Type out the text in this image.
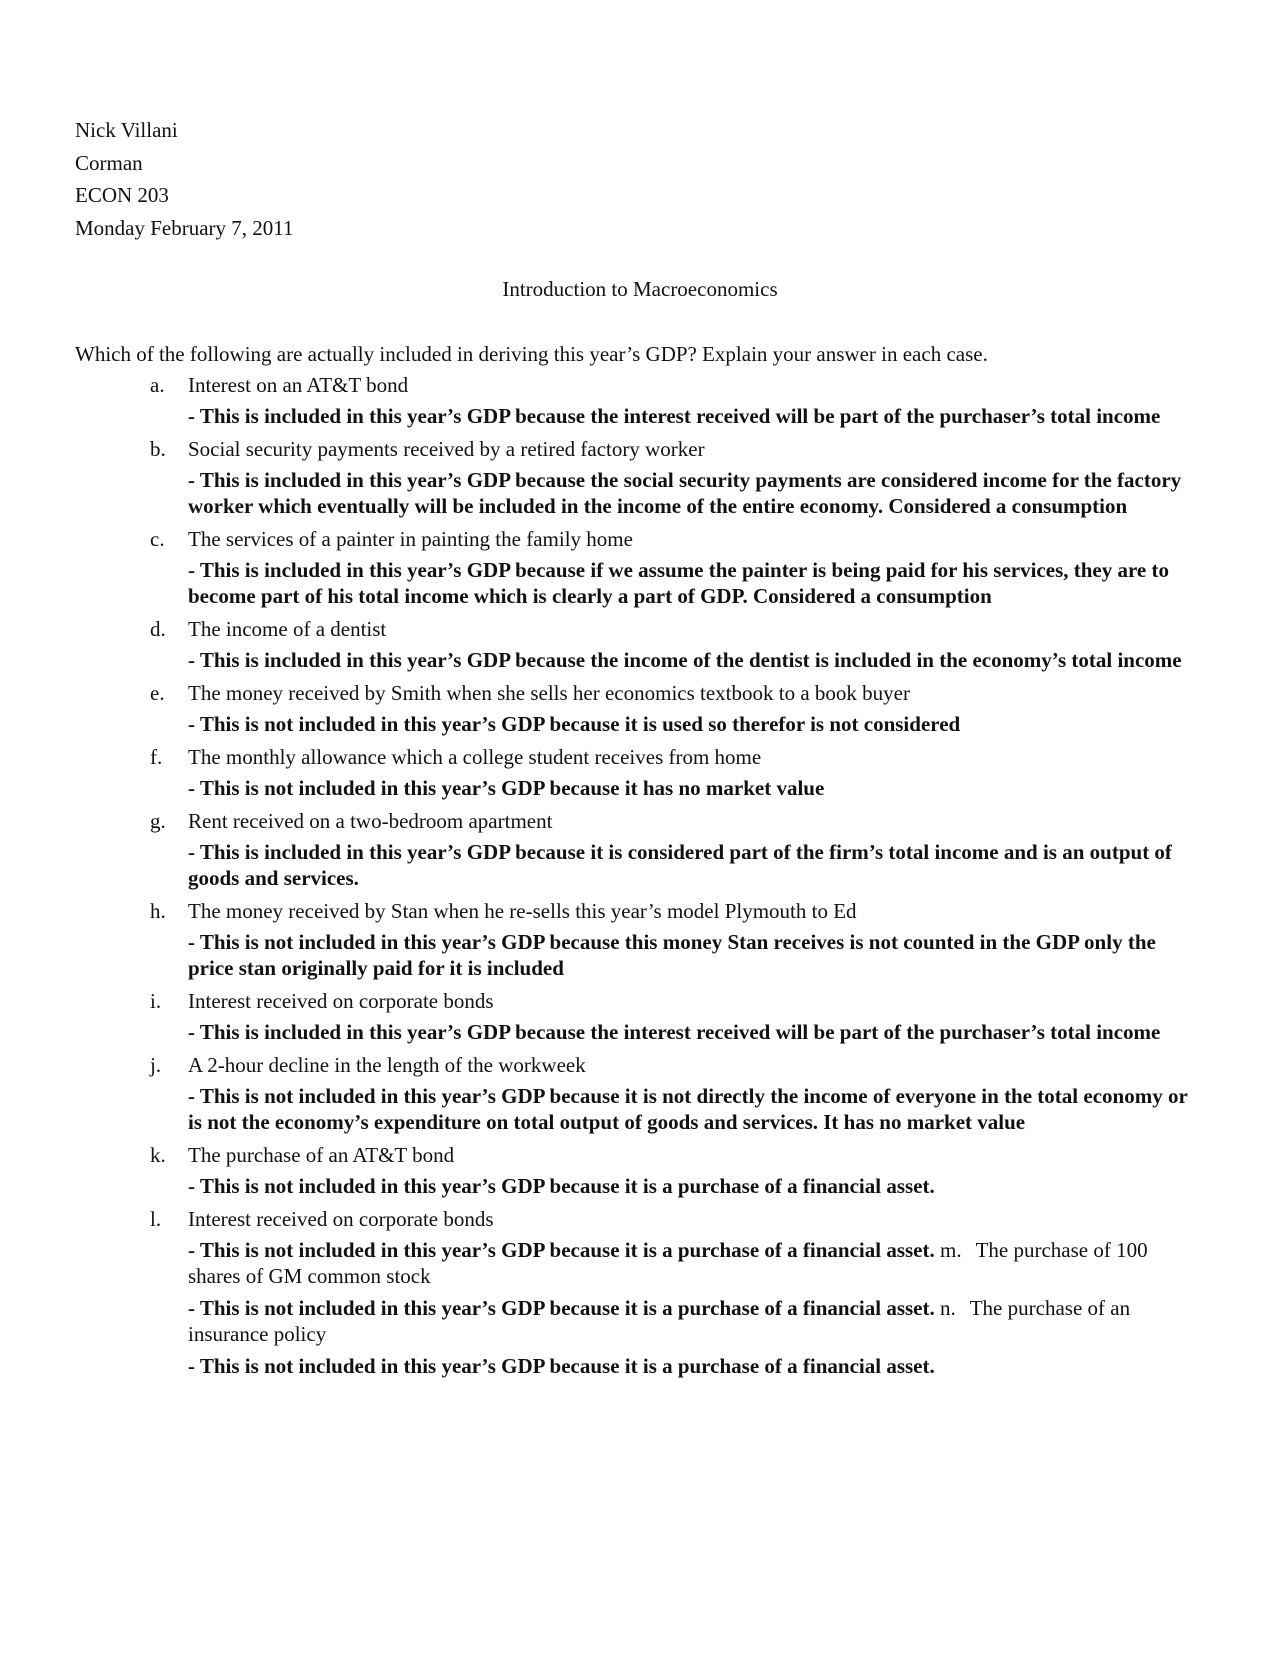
Nick Villani
Corman
ECON 203
Monday February 7, 2011
Introduction to Macroeconomics
Which of the following are actually included in deriving this year’s GDP? Explain your answer in each case.
a. Interest on an AT&T bond
- This is included in this year’s GDP because the interest received will be part of the purchaser’s total income
b. Social security payments received by a retired factory worker
- This is included in this year’s GDP because the social security payments are considered income for the factory worker which eventually will be included in the income of the entire economy. Considered a consumption
c. The services of a painter in painting the family home
- This is included in this year’s GDP because if we assume the painter is being paid for his services, they are to become part of his total income which is clearly a part of GDP. Considered a consumption
d. The income of a dentist
- This is included in this year’s GDP because the income of the dentist is included in the economy’s total income
e. The money received by Smith when she sells her economics textbook to a book buyer
- This is not included in this year’s GDP because it is used so therefor is not considered
f. The monthly allowance which a college student receives from home
- This is not included in this year’s GDP because it has no market value
g. Rent received on a two-bedroom apartment
- This is included in this year’s GDP because it is considered part of the firm’s total income and is an output of goods and services.
h. The money received by Stan when he re-sells this year’s model Plymouth to Ed
- This is not included in this year’s GDP because this money Stan receives is not counted in the GDP only the price stan originally paid for it is included
i. Interest received on corporate bonds
- This is included in this year’s GDP because the interest received will be part of the purchaser’s total income
j. A 2-hour decline in the length of the workweek
- This is not included in this year’s GDP because it is not directly the income of everyone in the total economy or is not the economy’s expenditure on total output of goods and services. It has no market value
k. The purchase of an AT&T bond
- This is not included in this year’s GDP because it is a purchase of a financial asset.
l. Interest received on corporate bonds
- This is not included in this year’s GDP because it is a purchase of a financial asset. m. The purchase of 100 shares of GM common stock
- This is not included in this year’s GDP because it is a purchase of a financial asset. n. The purchase of an insurance policy
- This is not included in this year’s GDP because it is a purchase of a financial asset.
